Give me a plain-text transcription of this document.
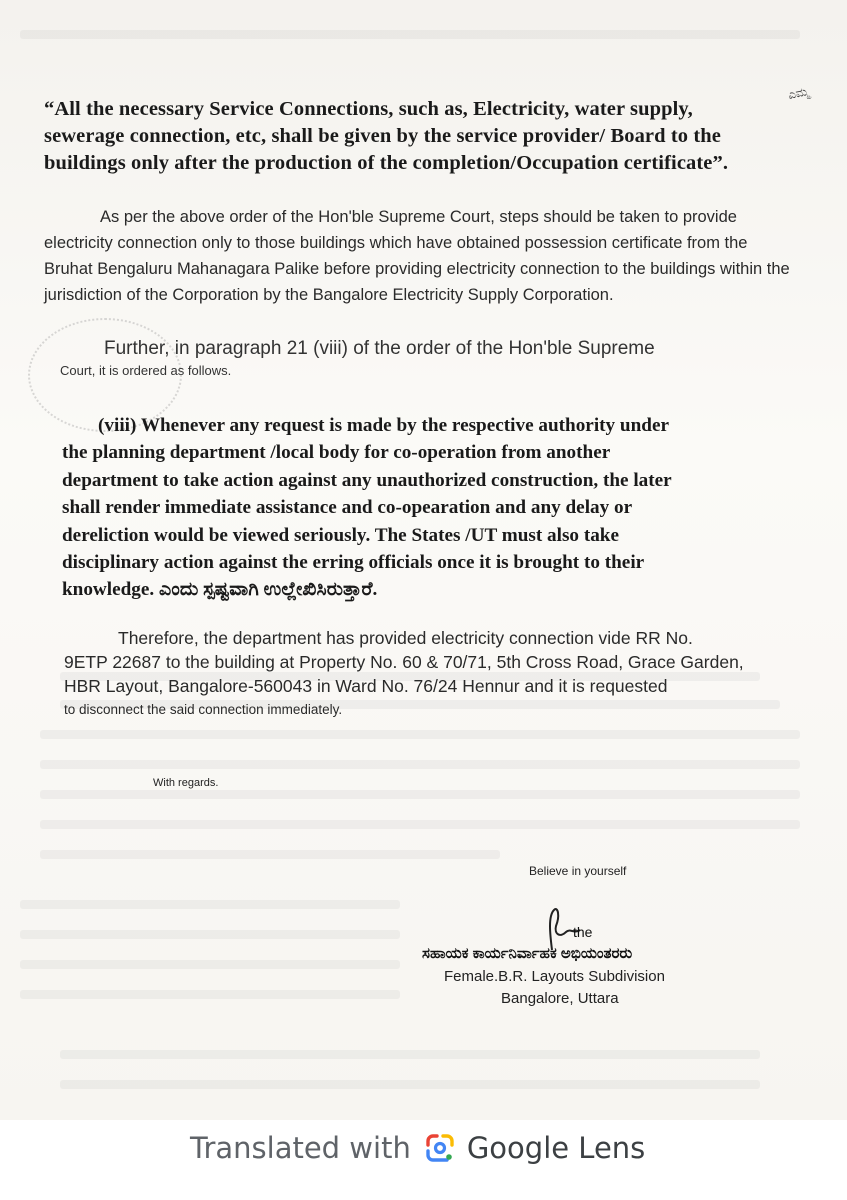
ಎಮ್ಮ
“All the necessary Service Connections, such as, Electricity, water supply,
sewerage connection, etc, shall be given by the service provider/ Board to the
buildings only after the production of the completion/Occupation certificate”.
As per the above order of the Hon'ble Supreme Court, steps should be taken to provide
electricity connection only to those buildings which have obtained possession certificate from the
Bruhat Bengaluru Mahanagara Palike before providing electricity connection to the buildings within the
jurisdiction of the Corporation by the Bangalore Electricity Supply Corporation.
Further, in paragraph 21 (viii) of the order of the Hon'ble Supreme
Court, it is ordered as follows.
(viii) Whenever any request is made by the respective authority under
the planning department /local body for co-operation from another
department to take action against any unauthorized construction, the later
shall render immediate assistance and co-opearation and any delay or
dereliction would be viewed seriously. The States /UT must also take
disciplinary action against the erring officials once it is brought to their
knowledge. ಎಂದು ಸ್ಪಷ್ಟವಾಗಿ ಉಲ್ಲೇಖಿಸಿರುತ್ತಾರೆ.
Therefore, the department has provided electricity connection vide RR No.
9ETP 22687 to the building at Property No. 60 & 70/71, 5th Cross Road, Grace Garden,
HBR Layout, Bangalore-560043 in Ward No. 76/24 Hennur and it is requested
to disconnect the said connection immediately.
With regards.
Believe in yourself
the
ಸಹಾಯಕ ಕಾರ್ಯನಿರ್ವಾಹಕ ಅಭಿಯಂತರರು
Female.B.R. Layouts Subdivision
Bangalore, Uttara
Translated with Google Lens
